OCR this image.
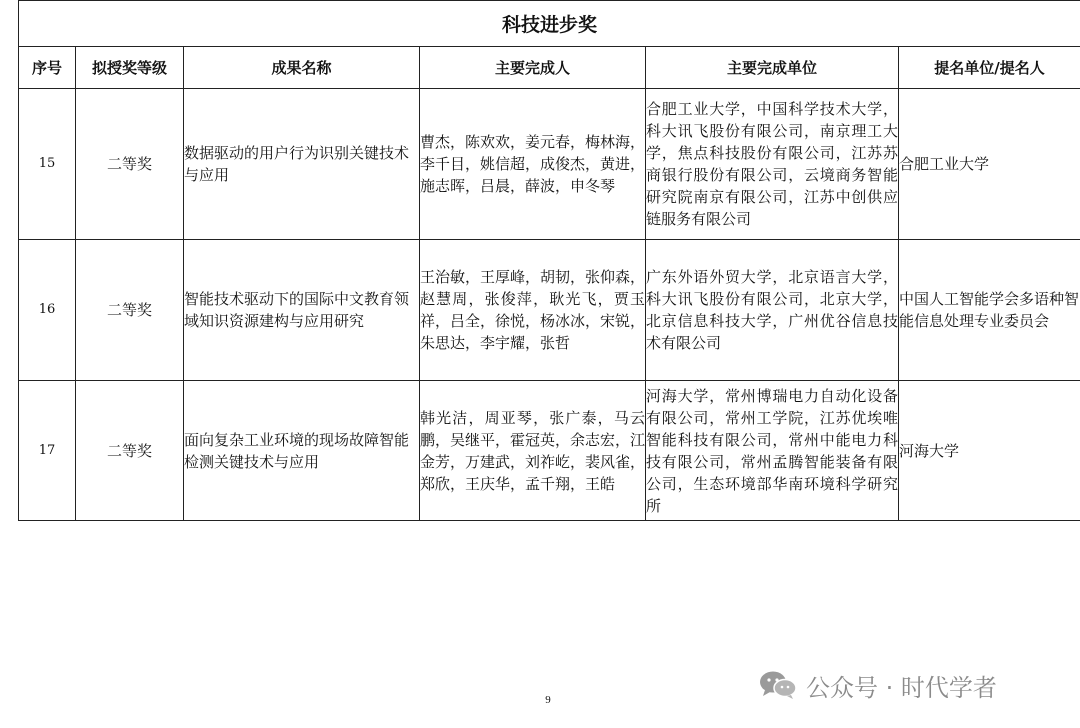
科技进步奖					
序号	拟授奖等级	成果名称	主要完成人	主要完成单位	提名单位/提名人
15	二等奖	数据驱动的用户行为识别关键技术与应用	曹杰，陈欢欢，姜元春，梅林海，李千目，姚信超，成俊杰，黄进，施志晖，吕晨，薛波，申冬琴	合肥工业大学，中国科学技术大学，科大讯飞股份有限公司，南京理工大学，焦点科技股份有限公司，江苏苏商银行股份有限公司，云境商务智能研究院南京有限公司，江苏中创供应链服务有限公司	合肥工业大学
16	二等奖	智能技术驱动下的国际中文教育领域知识资源建构与应用研究	王治敏，王厚峰，胡韧，张仰森，赵慧周，张俊萍，耿光飞，贾玉祥，吕全，徐悦，杨冰冰，宋锐，朱思达，李宇耀，张哲	广东外语外贸大学，北京语言大学，科大讯飞股份有限公司，北京大学，北京信息科技大学，广州优谷信息技术有限公司	中国人工智能学会多语种智能信息处理专业委员会
17	二等奖	面向复杂工业环境的现场故障智能检测关键技术与应用	韩光洁，周亚琴，张广泰，马云鹏，吴继平，霍冠英，余志宏，江金芳，万建武，刘祚屹，裴风雀，郑欣，王庆华，孟千翔，王皓	河海大学，常州博瑞电力自动化设备有限公司，常州工学院，江苏优埃唯智能科技有限公司，常州中能电力科技有限公司，常州孟腾智能装备有限公司，生态环境部华南环境科学研究所	河海大学
9	公众号 · 时代学者
